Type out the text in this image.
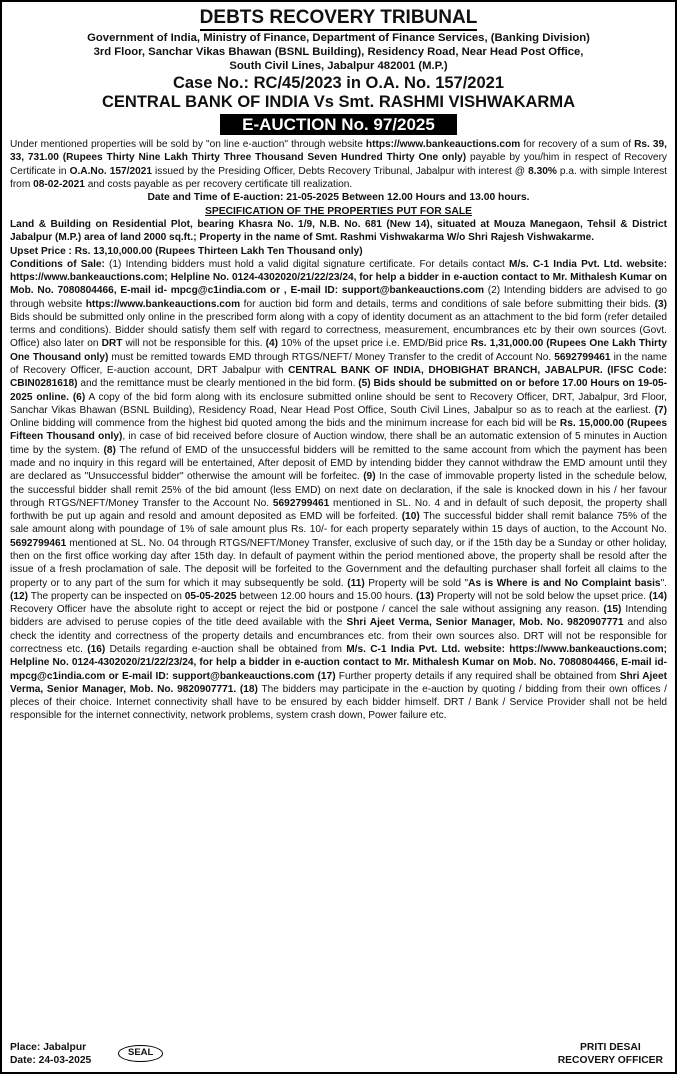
DEBTS RECOVERY TRIBUNAL
Government of India, Ministry of Finance, Department of Finance Services, (Banking Division)
3rd Floor, Sanchar Vikas Bhawan (BSNL Building), Residency Road, Near Head Post Office,
South Civil Lines, Jabalpur 482001 (M.P.)
Case No.: RC/45/2023 in O.A. No. 157/2021
CENTRAL BANK OF INDIA Vs Smt. RASHMI VISHWAKARMA
E-AUCTION No. 97/2025

Under mentioned properties will be sold by "on line e-auction" through website https://www.bankeauctions.com for recovery of a sum of Rs. 39, 33, 731.00 (Rupees Thirty Nine Lakh Thirty Three Thousand Seven Hundred Thirty One only) payable by you/him in respect of Recovery Certificate in O.A.No. 157/2021 issued by the Presiding Officer, Debts Recovery Tribunal, Jabalpur with interest @ 8.30% p.a. with simple Interest from 08-02-2021 and costs payable as per recovery certificate till realization.

Date and Time of E-auction: 21-05-2025 Between 12.00 Hours and 13.00 hours.
SPECIFICATION OF THE PROPERTIES PUT FOR SALE

Land & Building on Residential Plot, bearing Khasra No. 1/9, N.B. No. 681 (New 14), situated at Mouza Manegaon, Tehsil & District Jabalpur (M.P.) area of land 2000 sq.ft.; Property in the name of Smt. Rashmi Vishwakarma W/o Shri Rajesh Vishwakarme.

Upset Price : Rs. 13,10,000.00 (Rupees Thirteen Lakh Ten Thousand only)

Conditions of Sale: (1) Intending bidders must hold a valid digital signature certificate. For details contact M/s. C-1 India Pvt. Ltd. website: https://www.bankeauctions.com; Helpline No. 0124-4302020/21/22/23/24, for help a bidder in e-auction contact to Mr. Mithalesh Kumar on Mob. No. 7080804466, E-mail id- mpcg@c1india.com or , E-mail ID: support@bankeauctions.com (2) Intending bidders are advised to go through website https://www.bankeauctions.com for auction bid form and details, terms and conditions of sale before submitting their bids. (3) Bids should be submitted only online in the prescribed form along with a copy of identity document as an attachment to the bid form (refer detailed terms and conditions). Bidder should satisfy them self with regard to correctness, measurement, encumbrances etc by their own sources (Govt. Office) also later on DRT will not be responsible for this. (4) 10% of the upset price i.e. EMD/Bid price Rs. 1,31,000.00 (Rupees One Lakh Thirty One Thousand only) must be remitted towards EMD through RTGS/NEFT/ Money Transfer to the credit of Account No. 5692799461 in the name of Recovery Officer, E-auction account, DRT Jabalpur with CENTRAL BANK OF INDIA, DHOBIGHAT BRANCH, JABALPUR. (IFSC Code: CBIN0281618) and the remittance must be clearly mentioned in the bid form. (5) Bids should be submitted on or before 17.00 Hours on 19-05-2025 online. (6) A copy of the bid form along with its enclosure submitted online should be sent to Recovery Officer, DRT, Jabalpur, 3rd Floor, Sanchar Vikas Bhawan (BSNL Building), Residency Road, Near Head Post Office, South Civil Lines, Jabalpur so as to reach at the earliest. (7) Online bidding will commence from the highest bid quoted among the bids and the minimum increase for each bid will be Rs. 15,000.00 (Rupees Fifteen Thousand only), in case of bid received before closure of Auction window, there shall be an automatic extension of 5 minutes in Auction time by the system. (8) The refund of EMD of the unsuccessful bidders will be remitted to the same account from which the payment has been made and no inquiry in this regard will be entertained, After deposit of EMD by intending bidder they cannot withdraw the EMD amount until they are declared as "Unsuccessful bidder" otherwise the amount will be forfeitec. (9) In the case of immovable property listed in the schedule below, the successful bidder shall remit 25% of the bid amount (less EMD) on next date on declaration, if the sale is knocked down in his / her favour through RTGS/NEFT/Money Transfer to the Account No. 5692799461 mentioned in SL. No. 4 and in default of such deposit, the property shall forthwith be put up again and resold and amount deposited as EMD will be forfeited. (10) The successful bidder shall remit balance 75% of the sale amount along with poundage of 1% of sale amount plus Rs. 10/- for each property separately within 15 days of auction, to the Account No. 5692799461 mentioned at SL. No. 04 through RTGS/NEFT/Money Transfer, exclusive of such day, or if the 15th day be a Sunday or other holiday, then on the first office working day after 15th day. In default of payment within the period mentioned above, the property shall be resold after the issue of a fresh proclamation of sale. The deposit will be forfeited to the Government and the defaulting purchaser shall forfeit all claims to the property or to any part of the sum for which it may subsequently be sold. (11) Property will be sold "As is Where is and No Complaint basis". (12) The property can be inspected on 05-05-2025 between 12.00 hours and 15.00 hours. (13) Property will not be sold below the upset price. (14) Recovery Officer have the absolute right to accept or reject the bid or postpone / cancel the sale without assigning any reason. (15) Intending bidders are advised to peruse copies of the title deed available with the Shri Ajeet Verma, Senior Manager, Mob. No. 9820907771 and also check the identity and correctness of the property details and encumbrances etc. from their own sources also. DRT will not be responsible for correctness etc. (16) Details regarding e-auction shall be obtained from M/s. C-1 India Pvt. Ltd. website: https://www.bankeauctions.com; Helpline No. 0124-4302020/21/22/23/24, for help a bidder in e-auction contact to Mr. Mithalesh Kumar on Mob. No. 7080804466, E-mail id- mpcg@c1india.com or E-mail ID: support@bankeauctions.com (17) Further property details if any required shall be obtained from Shri Ajeet Verma, Senior Manager, Mob. No. 9820907771. (18) The bidders may participate in the e-auction by quoting / bidding from their own offices / pleces of their choice. Internet connectivity shall have to be ensured by each bidder himself. DRT / Bank / Service Provider shall not be held responsible for the internet connectivity, network problems, system crash down, Power failure etc.

Place: Jabalpur
Date: 24-03-2025
SEAL	PRITI DESAI
RECOVERY OFFICER
